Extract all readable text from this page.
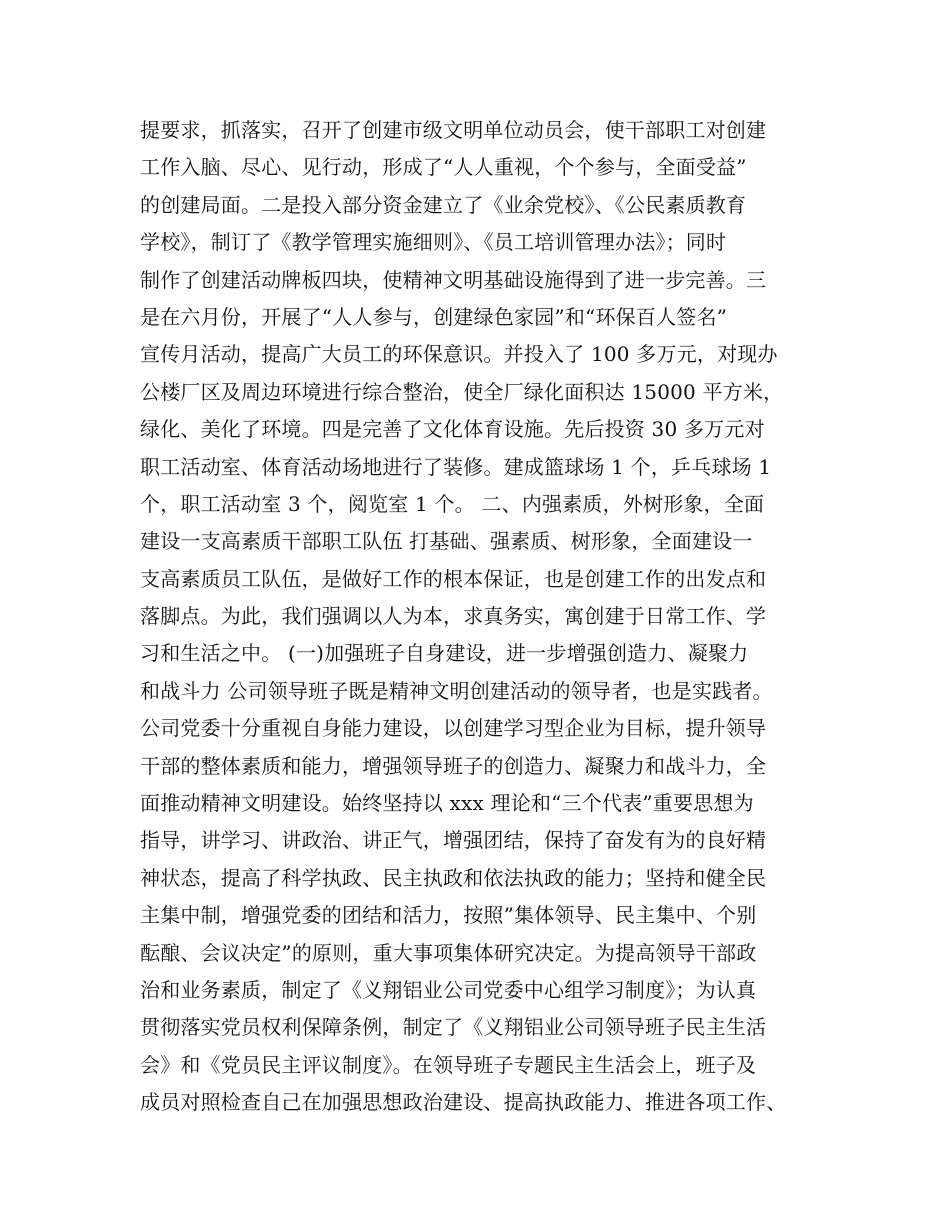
提要求，抓落实，召开了创建市级文明单位动员会，使干部职工对创建
工作入脑、尽心、见行动，形成了“人人重视，个个参与，全面受益”
的创建局面。二是投入部分资金建立了《业余党校》、《公民素质教育
学校》，制订了《教学管理实施细则》、《员工培训管理办法》；同时
制作了创建活动牌板四块，使精神文明基础设施得到了进一步完善。三
是在六月份，开展了“人人参与，创建绿色家园”和“环保百人签名”
宣传月活动，提高广大员工的环保意识。并投入了 100 多万元，对现办
公楼厂区及周边环境进行综合整治，使全厂绿化面积达 15000 平方米，
绿化、美化了环境。四是完善了文化体育设施。先后投资 30 多万元对
职工活动室、体育活动场地进行了装修。建成篮球场 1 个，乒乓球场 1
个，职工活动室 3 个，阅览室 1 个。 二、内强素质，外树形象，全面
建设一支高素质干部职工队伍 打基础、强素质、树形象，全面建设一
支高素质员工队伍，是做好工作的根本保证，也是创建工作的出发点和
落脚点。为此，我们强调以人为本，求真务实，寓创建于日常工作、学
习和生活之中。 (一)加强班子自身建设，进一步增强创造力、凝聚力
和战斗力 公司领导班子既是精神文明创建活动的领导者，也是实践者。
公司党委十分重视自身能力建设，以创建学习型企业为目标，提升领导
干部的整体素质和能力，增强领导班子的创造力、凝聚力和战斗力，全
面推动精神文明建设。始终坚持以 xxx 理论和“三个代表”重要思想为
指导，讲学习、讲政治、讲正气，增强团结，保持了奋发有为的良好精
神状态，提高了科学执政、民主执政和依法执政的能力；坚持和健全民
主集中制，增强党委的团结和活力，按照”集体领导、民主集中、个别
酝酿、会议决定”的原则，重大事项集体研究决定。为提高领导干部政
治和业务素质，制定了《义翔铝业公司党委中心组学习制度》；为认真
贯彻落实党员权利保障条例，制定了《义翔铝业公司领导班子民主生活
会》和《党员民主评议制度》。在领导班子专题民主生活会上，班子及
成员对照检查自己在加强思想政治建设、提高执政能力、推进各项工作、
